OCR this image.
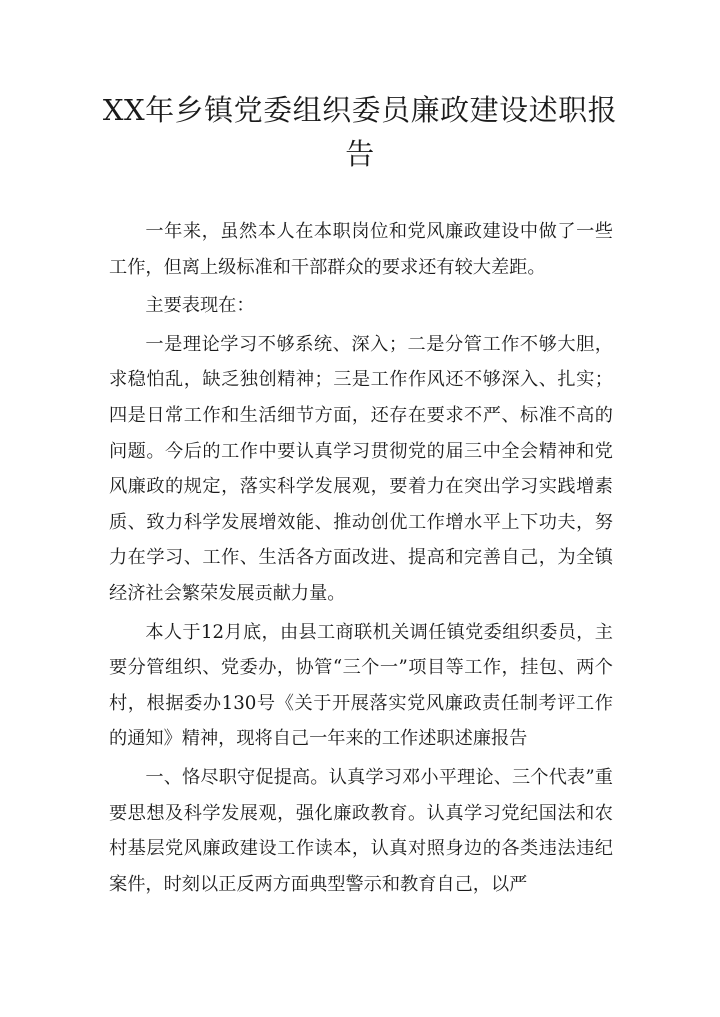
XX年乡镇党委组织委员廉政建设述职报告

一年来，虽然本人在本职岗位和党风廉政建设中做了一些工作，但离上级标准和干部群众的要求还有较大差距。

主要表现在：

一是理论学习不够系统、深入；二是分管工作不够大胆，求稳怕乱，缺乏独创精神；三是工作作风还不够深入、扎实；四是日常工作和生活细节方面，还存在要求不严、标准不高的问题。今后的工作中要认真学习贯彻党的届三中全会精神和党风廉政的规定，落实科学发展观，要着力在突出学习实践增素质、致力科学发展增效能、推动创优工作增水平上下功夫，努力在学习、工作、生活各方面改进、提高和完善自己，为全镇经济社会繁荣发展贡献力量。

本人于12月底，由县工商联机关调任镇党委组织委员，主要分管组织、党委办，协管“三个一”项目等工作，挂包、两个村，根据委办130号《关于开展落实党风廉政责任制考评工作的通知》精神，现将自己一年来的工作述职述廉报告

一、恪尽职守促提高。认真学习邓小平理论、三个代表”重要思想及科学发展观，强化廉政教育。认真学习党纪国法和农村基层党风廉政建设工作读本，认真对照身边的各类违法违纪案件，时刻以正反两方面典型警示和教育自己，以严
